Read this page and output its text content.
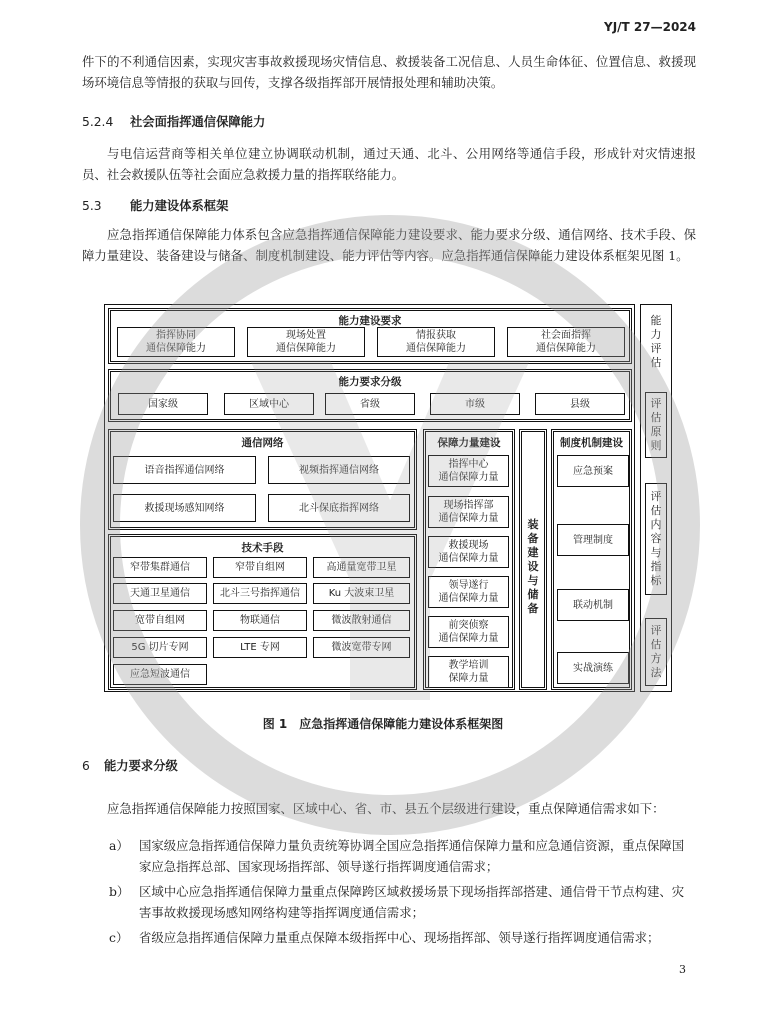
YJ/T 27—2024
件下的不利通信因素，实现灾害事故救援现场灾情信息、救援装备工况信息、人员生命体征、位置信息、救援现场环境信息等情报的获取与回传，支撑各级指挥部开展情报处理和辅助决策。
5.2.4 社会面指挥通信保障能力
与电信运营商等相关单位建立协调联动机制，通过天通、北斗、公用网络等通信手段，形成针对灾情速报员、社会救援队伍等社会面应急救援力量的指挥联络能力。
5.3 能力建设体系框架
应急指挥通信保障能力体系包含应急指挥通信保障能力建设要求、能力要求分级、通信网络、技术手段、保障力量建设、装备建设与储备、制度机制建设、能力评估等内容。应急指挥通信保障能力建设体系框架见图 1。
能力建设要求
指挥协同
通信保障能力
现场处置
通信保障能力
情报获取
通信保障能力
社会面指挥
通信保障能力
能力要求分级
国家级	区域中心	省级	市级	县级
通信网络
语音指挥通信网络	视频指挥通信网络
救援现场感知网络	北斗保底指挥网络
技术手段
窄带集群通信	窄带自组网	高通量宽带卫星
天通卫星通信	北斗三号指挥通信	Ku 大波束卫星
宽带自组网	物联通信	微波散射通信
5G 切片专网	LTE 专网	微波宽带专网
应急短波通信
保障力量建设
指挥中心
通信保障力量
现场指挥部
通信保障力量
救援现场
通信保障力量
领导遂行
通信保障力量
前突侦察
通信保障力量
教学培训
保障力量
装
备
建
设
与
储
备
制度机制建设
应急预案
管理制度
联动机制
实战演练
能
力
评
估
评
估
原
则
评
估
内
容
与
指
标
评
估
方
法
图 1　应急指挥通信保障能力建设体系框架图
6 能力要求分级
应急指挥通信保障能力按照国家、区域中心、省、市、县五个层级进行建设，重点保障通信需求如下：
a） 国家级应急指挥通信保障力量负责统筹协调全国应急指挥通信保障力量和应急通信资源，重点保障国家应急指挥总部、国家现场指挥部、领导遂行指挥调度通信需求；
b） 区域中心应急指挥通信保障力量重点保障跨区域救援场景下现场指挥部搭建、通信骨干节点构建、灾害事故救援现场感知网络构建等指挥调度通信需求；
c） 省级应急指挥通信保障力量重点保障本级指挥中心、现场指挥部、领导遂行指挥调度通信需求；
3
